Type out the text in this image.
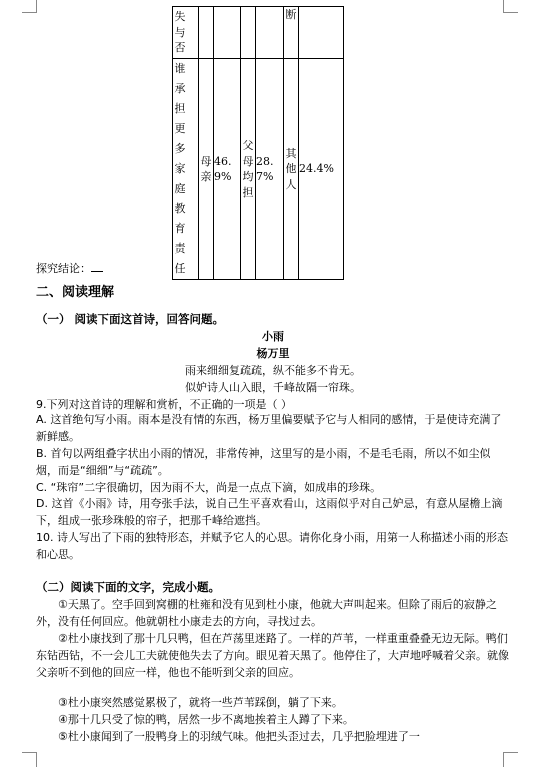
失与否					断	
谁承担更多家庭教育责任	母亲	46.9%	父母均担	28.7%	其他人	24.4%
探究结论：
二、阅读理解
（一） 阅读下面这首诗，回答问题。
小雨
杨万里
雨来细细复疏疏，纵不能多不肯无。
似妒诗人山入眼，千峰故隔一帘珠。
9.下列对这首诗的理解和赏析，不正确的一项是（ ）
A. 这首绝句写小雨。雨本是没有情的东西，杨万里偏要赋予它与人相同的感情，于是使诗充满了新鲜感。
B. 首句以两组叠字状出小雨的情况，非常传神，这里写的是小雨，不是毛毛雨，所以不如尘似烟，而是“细细”与“疏疏”。
C. “珠帘”二字很确切，因为雨不大，尚是一点点下滴，如成串的珍珠。
D. 这首《小雨》诗，用夸张手法，说自己生平喜欢看山，这雨似乎对自己妒忌，有意从屋檐上滴下，组成一张珍珠般的帘子，把那千峰给遮挡。
10. 诗人写出了下雨的独特形态，并赋予它人的心思。请你化身小雨，用第一人称描述小雨的形态和心思。
（二）阅读下面的文字，完成小题。
①天黑了。空手回到窝棚的杜雍和没有见到杜小康，他就大声叫起来。但除了雨后的寂静之外，没有任何回应。他就朝杜小康走去的方向，寻找过去。
②杜小康找到了那十几只鸭，但在芦荡里迷路了。一样的芦苇，一样重重叠叠无边无际。鸭们东钻西钻，不一会儿工夫就使他失去了方向。眼见着天黑了。他停住了，大声地呼喊着父亲。就像父亲听不到他的回应一样，他也不能听到父亲的回应。
③杜小康突然感觉累极了，就将一些芦苇踩倒，躺了下来。
④那十几只受了惊的鸭，居然一步不离地挨着主人蹲了下来。
⑤杜小康闻到了一股鸭身上的羽绒气味。他把头歪过去，几乎把脸埋进了一
